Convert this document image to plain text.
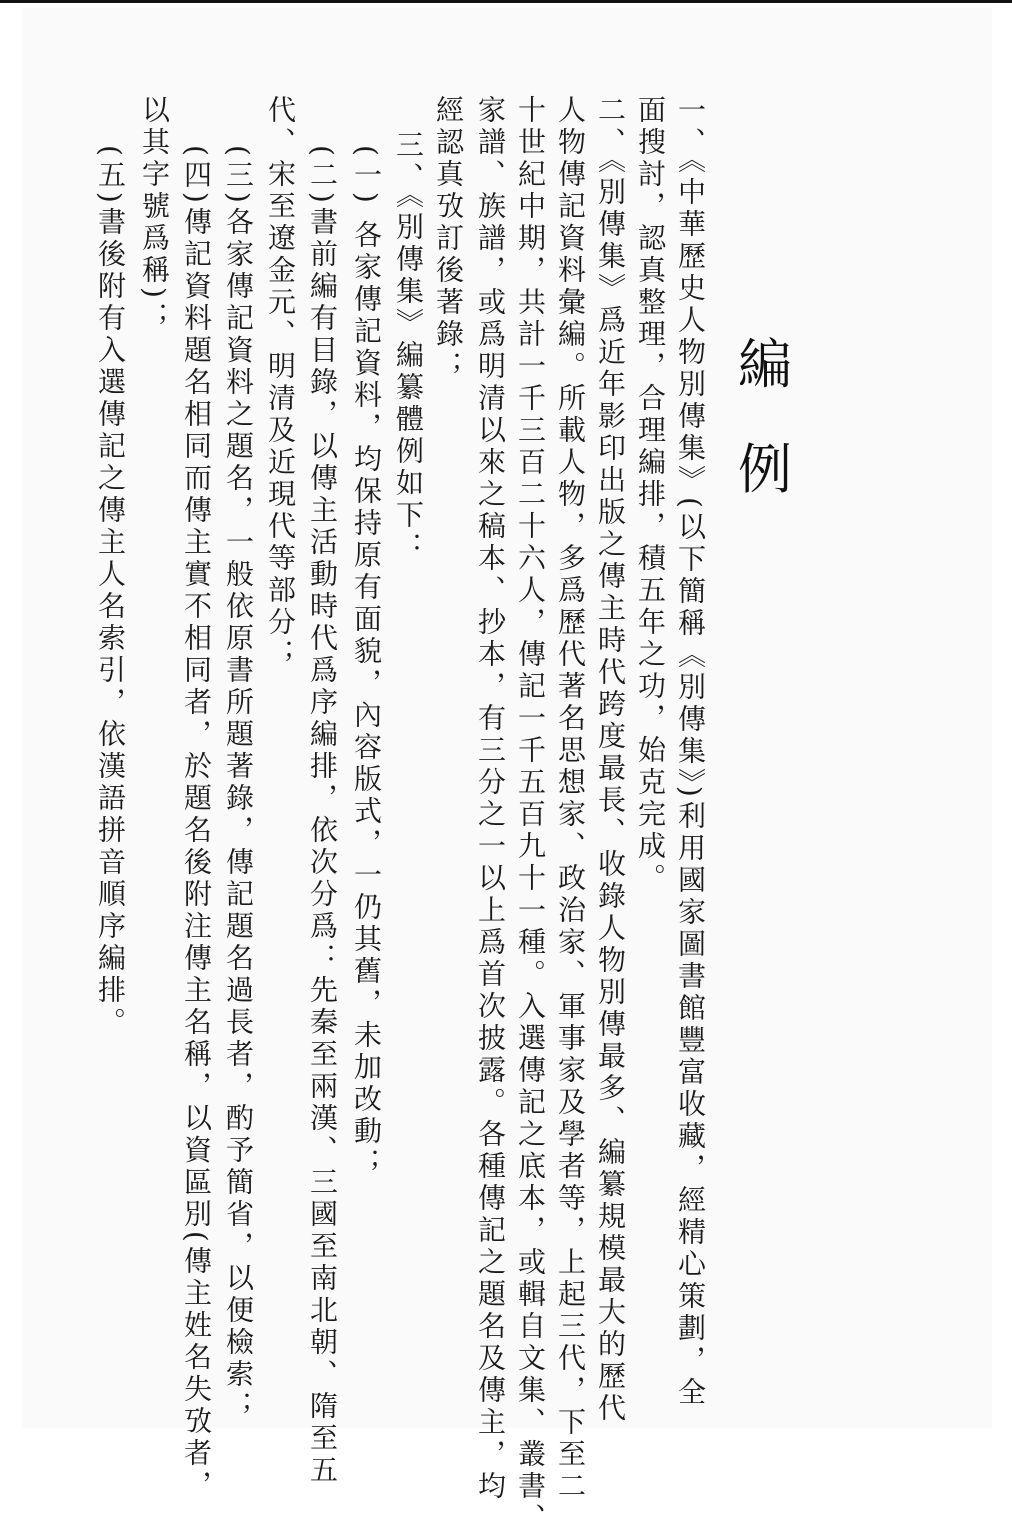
編
例
一、《中華歷史人物別傳集》(以下簡稱《別傳集》)利用國家圖書館豐富收藏，經精心策劃，全
面搜討，認真整理，合理編排，積五年之功，始克完成。
二、《別傳集》爲近年影印出版之傳主時代跨度最長、收錄人物別傳最多、編纂規模最大的歷代
人物傳記資料彙編。所載人物，多爲歷代著名思想家、政治家、軍事家及學者等，上起三代，下至二
十世紀中期，共計一千三百二十六人，傳記一千五百九十一種。入選傳記之底本，或輯自文集、叢書、
家譜、族譜，或爲明清以來之稿本、抄本，有三分之一以上爲首次披露。各種傳記之題名及傳主，均
經認真攷訂後著錄；
三、《別傳集》編纂體例如下：
(一) 各家傳記資料，均保持原有面貌，內容版式，一仍其舊，未加改動；
(二)書前編有目錄，以傳主活動時代爲序編排，依次分爲：先秦至兩漢、三國至南北朝、隋至五
代、宋至遼金元、明清及近現代等部分；
(三)各家傳記資料之題名，一般依原書所題著錄，傳記題名過長者，酌予簡省，以便檢索；
(四)傳記資料題名相同而傳主實不相同者，於題名後附注傳主名稱，以資區別(傳主姓名失攷者，
以其字號爲稱)；
(五)書後附有入選傳記之傳主人名索引，依漢語拼音順序編排。
